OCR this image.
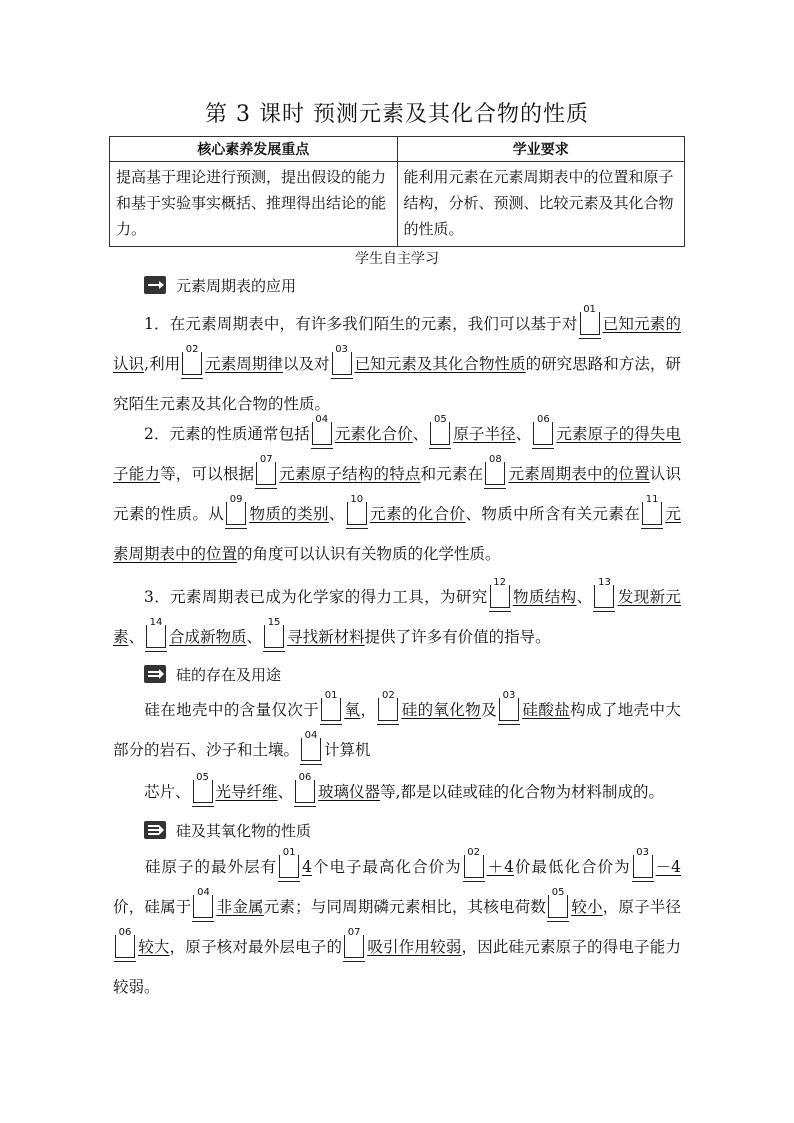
第 3 课时 预测元素及其化合物的性质
核心素养发展重点	学业要求
提高基于理论进行预测，提出假设的能力和基于实验事实概括、推理得出结论的能力。	能利用元素在元素周期表中的位置和原子结构，分析、预测、比较元素及其化合物的性质。
学生自主学习
元素周期表的应用
1．在元素周期表中，有许多我们陌生的元素，我们可以基于对
01
已知元素的认识,利用
02
元素周期律以及对
03
已知元素及其化合物性质的研究思路和方法，研究陌生元素及其化合物的性质。
2．元素的性质通常包括
04
元素化合价、
05
原子半径、
06
元素原子的得失电子能力等，可以根据
07
元素原子结构的特点和元素在
08
元素周期表中的位置认识元素的性质。从
09
物质的类别、
10
元素的化合价、物质中所含有关元素在
11
元素周期表中的位置的角度可以认识有关物质的化学性质。
3．元素周期表已成为化学家的得力工具，为研究
12
物质结构、
13
发现新元素、
14
合成新物质、
15
寻找新材料提供了许多有价值的指导。
硅的存在及用途
硅在地壳中的含量仅次于
01
氧，
02
硅的氧化物及
03
硅酸盐构成了地壳中大部分的岩石、沙子和土壤。
04
计算机
芯片、
05
光导纤维、
06
玻璃仪器等,都是以硅或硅的化合物为材料制成的。
硅及其氧化物的性质
硅原子的最外层有
01
4个电子最高化合价为
02
＋4价最低化合价为
03
－4价，硅属于
04
非金属元素；与同周期磷元素相比，其核电荷数
05
较小，原子半径
06
较大，原子核对最外层电子的
07
吸引作用较弱，因此硅元素原子的得电子能力较弱。
